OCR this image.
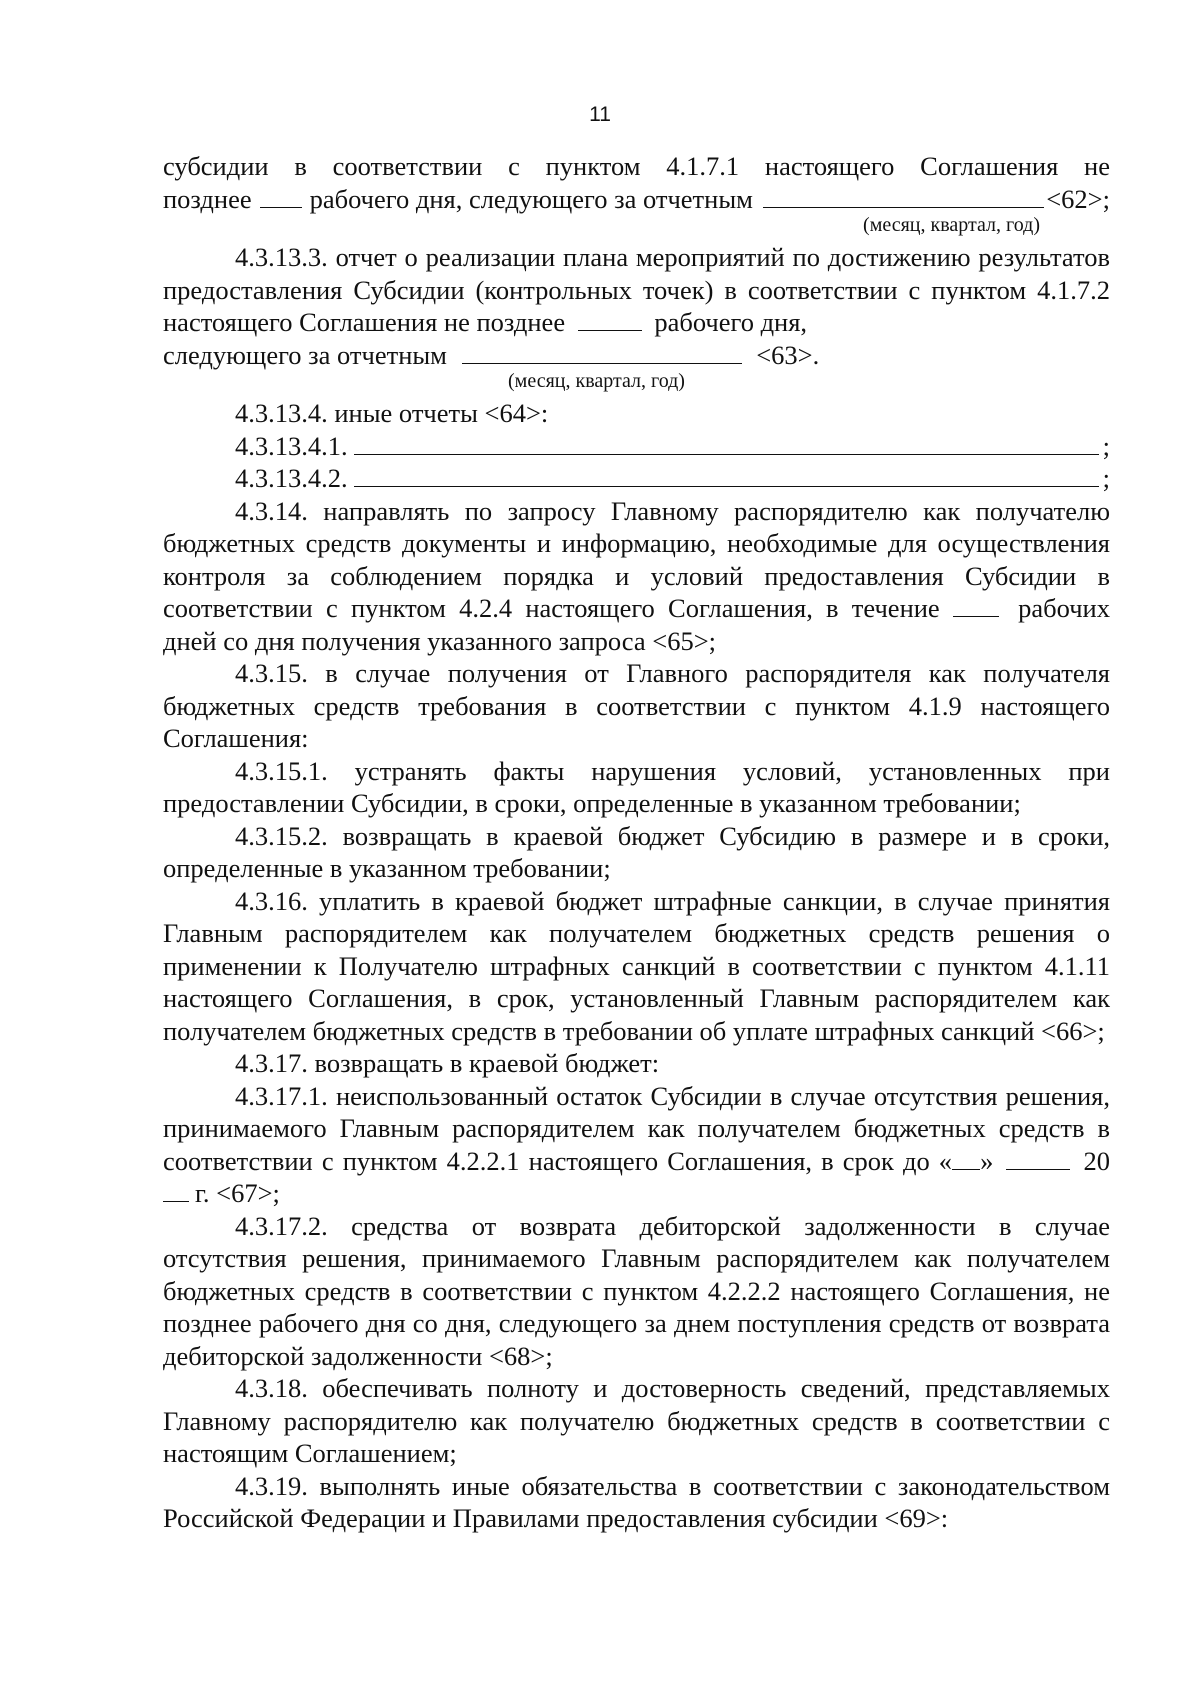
11

субсидии в соответствии с пунктом 4.1.7.1 настоящего Соглашения не

позднее рабочего дня, следующего за отчетным	<62>;

(месяц, квартал, год)

4.3.13.3. отчет о реализации плана мероприятий по достижению результатов предоставления Субсидии (контрольных точек) в соответствии с пунктом 4.1.7.2 настоящего Соглашения не позднее	рабочего дня,

следующего за отчетным	<63>.

(месяц, квартал, год)

4.3.13.4. иные отчеты <64>:

4.3.13.4.1.	;

4.3.13.4.2.	;

4.3.14. направлять по запросу Главному распорядителю как получателю бюджетных средств документы и информацию, необходимые для осуществления контроля за соблюдением порядка и условий предоставления Субсидии в соответствии с пунктом 4.2.4 настоящего Соглашения, в течение	рабочих дней со дня получения указанного запроса <65>;

4.3.15. в случае получения от Главного распорядителя как получателя бюджетных средств требования в соответствии с пунктом 4.1.9 настоящего Соглашения:

4.3.15.1. устранять факты нарушения условий, установленных при предоставлении Субсидии, в сроки, определенные в указанном требовании;

4.3.15.2. возвращать в краевой бюджет Субсидию в размере и в сроки, определенные в указанном требовании;

4.3.16. уплатить в краевой бюджет штрафные санкции, в случае принятия Главным распорядителем как получателем бюджетных средств решения о применении к Получателю штрафных санкций в соответствии с пунктом 4.1.11 настоящего Соглашения, в срок, установленный Главным распорядителем как получателем бюджетных средств в требовании об уплате штрафных санкций <66>;

4.3.17. возвращать в краевой бюджет:

4.3.17.1. неиспользованный остаток Субсидии в случае отсутствия решения, принимаемого Главным распорядителем как получателем бюджетных средств в соответствии с пунктом 4.2.2.1 настоящего Соглашения, в срок до « »	20г. <67>;

4.3.17.2. средства от возврата дебиторской задолженности в случае отсутствия решения, принимаемого Главным распорядителем как получателем бюджетных средств в соответствии с пунктом 4.2.2.2 настоящего Соглашения, не позднее рабочего дня со дня, следующего за днем поступления средств от возврата дебиторской задолженности <68>;

4.3.18. обеспечивать полноту и достоверность сведений, представляемых Главному распорядителю как получателю бюджетных средств в соответствии с настоящим Соглашением;

4.3.19. выполнять иные обязательства в соответствии с законодательством Российской Федерации и Правилами предоставления субсидии <69>:
